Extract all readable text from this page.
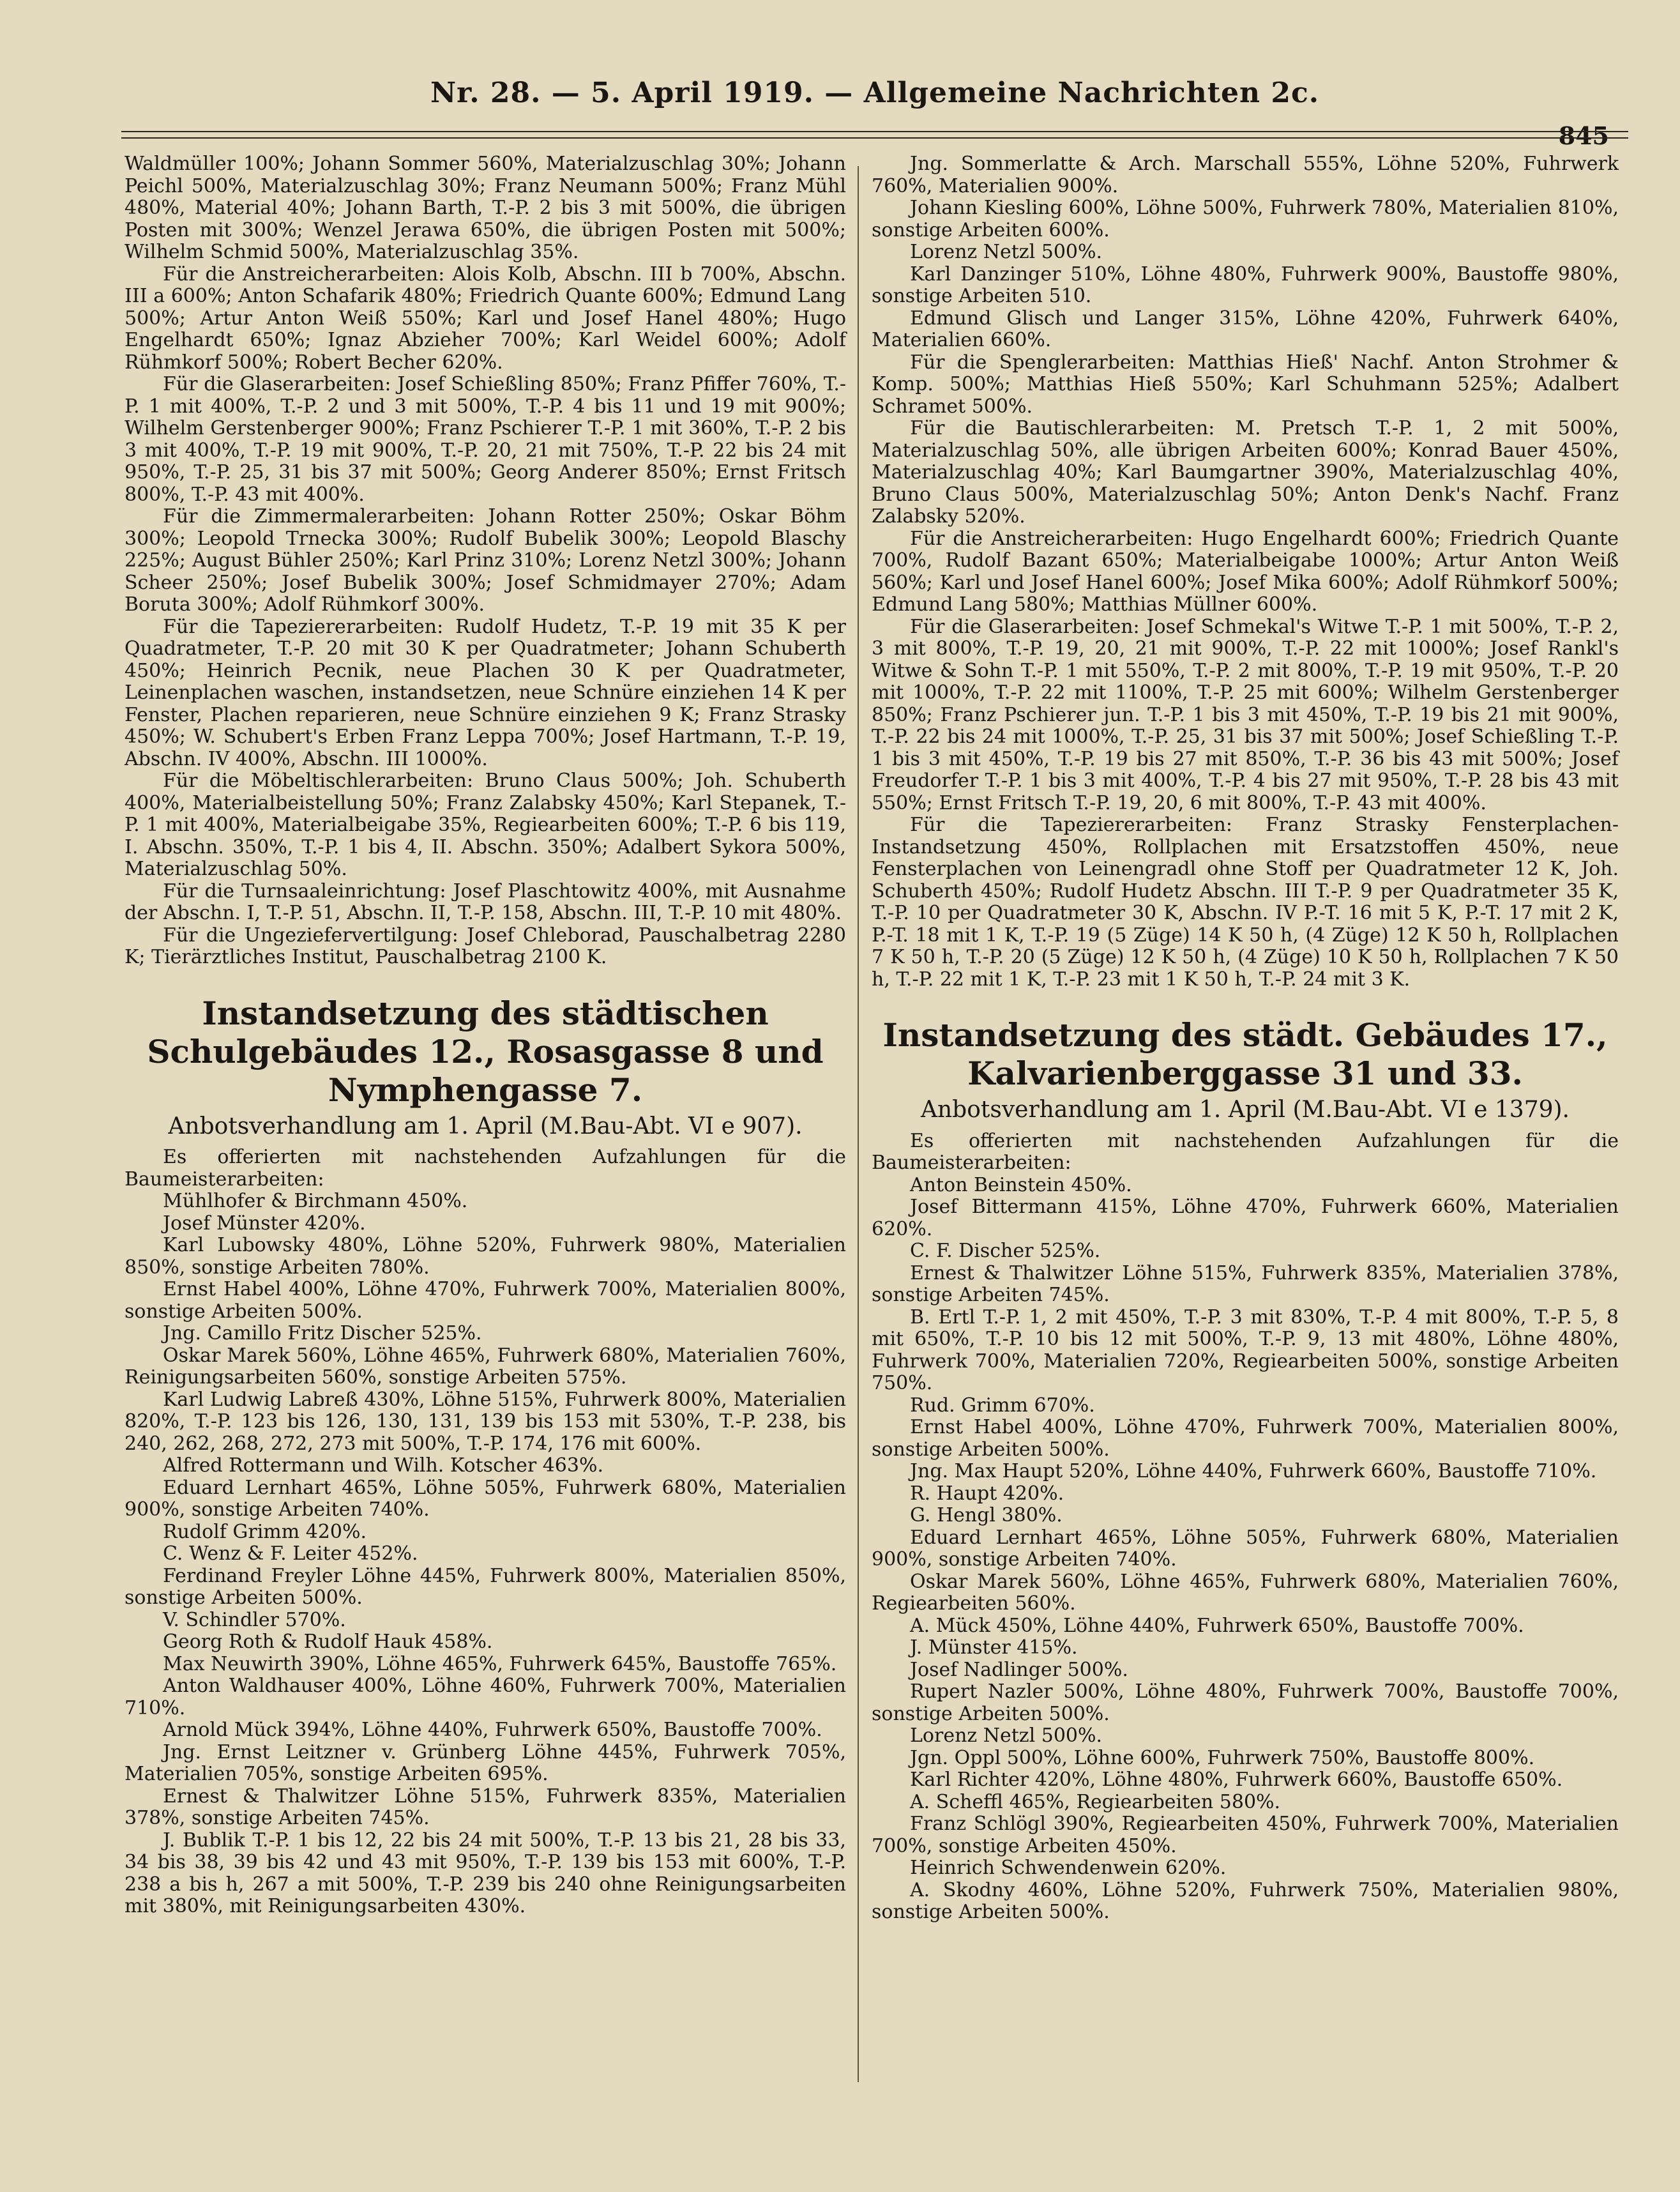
Nr. 28. — 5. April 1919. — Allgemeine Nachrichten 2c.
845

Waldmüller 100%; Johann Sommer 560%, Materialzuschlag 30%; Johann Peichl 500%, Materialzuschlag 30%; Franz Neumann 500%; Franz Mühl 480%, Material 40%; Johann Barth, T.-P. 2 bis 3 mit 500%, die übrigen Posten mit 300%; Wenzel Jerawa 650%, die übrigen Posten mit 500%; Wilhelm Schmid 500%, Materialzuschlag 35%.

Für die Anstreicherarbeiten: Alois Kolb, Abschn. III b 700%, Abschn. III a 600%; Anton Schafarik 480%; Friedrich Quante 600%; Edmund Lang 500%; Artur Anton Weiß 550%; Karl und Josef Hanel 480%; Hugo Engelhardt 650%; Ignaz Abzieher 700%; Karl Weidel 600%; Adolf Rühmkorf 500%; Robert Becher 620%.

Für die Glaserarbeiten: Josef Schießling 850%; Franz Pfiffer 760%, T.-P. 1 mit 400%, T.-P. 2 und 3 mit 500%, T.-P. 4 bis 11 und 19 mit 900%; Wilhelm Gerstenberger 900%; Franz Pschierer T.-P. 1 mit 360%, T.-P. 2 bis 3 mit 400%, T.-P. 19 mit 900%, T.-P. 20, 21 mit 750%, T.-P. 22 bis 24 mit 950%, T.-P. 25, 31 bis 37 mit 500%; Georg Anderer 850%; Ernst Fritsch 800%, T.-P. 43 mit 400%.

Für die Zimmermalerarbeiten: Johann Rotter 250%; Oskar Böhm 300%; Leopold Trnecka 300%; Rudolf Bubelik 300%; Leopold Blaschy 225%; August Bühler 250%; Karl Prinz 310%; Lorenz Netzl 300%; Johann Scheer 250%; Josef Bubelik 300%; Josef Schmidmayer 270%; Adam Boruta 300%; Adolf Rühmkorf 300%.

Für die Tapeziererarbeiten: Rudolf Hudetz, T.-P. 19 mit 35 K per Quadratmeter, T.-P. 20 mit 30 K per Quadratmeter; Johann Schuberth 450%; Heinrich Pecnik, neue Plachen 30 K per Quadratmeter, Leinenplachen waschen, instandsetzen, neue Schnüre einziehen 14 K per Fenster, Plachen reparieren, neue Schnüre einziehen 9 K; Franz Strasky 450%; W. Schubert's Erben Franz Leppa 700%; Josef Hartmann, T.-P. 19, Abschn. IV 400%, Abschn. III 1000%.

Für die Möbeltischlerarbeiten: Bruno Claus 500%; Joh. Schuberth 400%, Materialbeistellung 50%; Franz Zalabsky 450%; Karl Stepanek, T.-P. 1 mit 400%, Materialbeigabe 35%, Regiearbeiten 600%; T.-P. 6 bis 119, I. Abschn. 350%, T.-P. 1 bis 4, II. Abschn. 350%; Adalbert Sykora 500%, Materialzuschlag 50%.

Für die Turnsaaleinrichtung: Josef Plaschtowitz 400%, mit Ausnahme der Abschn. I, T.-P. 51, Abschn. II, T.-P. 158, Abschn. III, T.-P. 10 mit 480%.

Für die Ungeziefervertilgung: Josef Chleborad, Pauschalbetrag 2280 K; Tierärztliches Institut, Pauschalbetrag 2100 K.

Instandsetzung des städtischen Schulgebäudes 12., Rosasgasse 8 und Nymphengasse 7.
Anbotsverhandlung am 1. April (M.Bau-Abt. VI e 907).

Es offerierten mit nachstehenden Aufzahlungen für die Baumeisterarbeiten:

Mühlhofer & Birchmann 450%.

Josef Münster 420%.

Karl Lubowsky 480%, Löhne 520%, Fuhrwerk 980%, Materialien 850%, sonstige Arbeiten 780%.

Ernst Habel 400%, Löhne 470%, Fuhrwerk 700%, Materialien 800%, sonstige Arbeiten 500%.

Jng. Camillo Fritz Discher 525%.

Oskar Marek 560%, Löhne 465%, Fuhrwerk 680%, Materialien 760%, Reinigungsarbeiten 560%, sonstige Arbeiten 575%.

Karl Ludwig Labreß 430%, Löhne 515%, Fuhrwerk 800%, Materialien 820%, T.-P. 123 bis 126, 130, 131, 139 bis 153 mit 530%, T.-P. 238, bis 240, 262, 268, 272, 273 mit 500%, T.-P. 174, 176 mit 600%.

Alfred Rottermann und Wilh. Kotscher 463%.

Eduard Lernhart 465%, Löhne 505%, Fuhrwerk 680%, Materialien 900%, sonstige Arbeiten 740%.

Rudolf Grimm 420%.

C. Wenz & F. Leiter 452%.

Ferdinand Freyler Löhne 445%, Fuhrwerk 800%, Materialien 850%, sonstige Arbeiten 500%.

V. Schindler 570%.

Georg Roth & Rudolf Hauk 458%.

Max Neuwirth 390%, Löhne 465%, Fuhrwerk 645%, Baustoffe 765%.

Anton Waldhauser 400%, Löhne 460%, Fuhrwerk 700%, Materialien 710%.

Arnold Mück 394%, Löhne 440%, Fuhrwerk 650%, Baustoffe 700%.

Jng. Ernst Leitzner v. Grünberg Löhne 445%, Fuhrwerk 705%, Materialien 705%, sonstige Arbeiten 695%.

Ernest & Thalwitzer Löhne 515%, Fuhrwerk 835%, Materialien 378%, sonstige Arbeiten 745%.

J. Bublik T.-P. 1 bis 12, 22 bis 24 mit 500%, T.-P. 13 bis 21, 28 bis 33, 34 bis 38, 39 bis 42 und 43 mit 950%, T.-P. 139 bis 153 mit 600%, T.-P. 238 a bis h, 267 a mit 500%, T.-P. 239 bis 240 ohne Reinigungsarbeiten mit 380%, mit Reinigungsarbeiten 430%.

Jng. Sommerlatte & Arch. Marschall 555%, Löhne 520%, Fuhrwerk 760%, Materialien 900%.

Johann Kiesling 600%, Löhne 500%, Fuhrwerk 780%, Materialien 810%, sonstige Arbeiten 600%.

Lorenz Netzl 500%.

Karl Danzinger 510%, Löhne 480%, Fuhrwerk 900%, Baustoffe 980%, sonstige Arbeiten 510.

Edmund Glisch und Langer 315%, Löhne 420%, Fuhrwerk 640%, Materialien 660%.

Für die Spenglerarbeiten: Matthias Hieß' Nachf. Anton Strohmer & Komp. 500%; Matthias Hieß 550%; Karl Schuhmann 525%; Adalbert Schramet 500%.

Für die Bautischlerarbeiten: M. Pretsch T.-P. 1, 2 mit 500%, Materialzuschlag 50%, alle übrigen Arbeiten 600%; Konrad Bauer 450%, Materialzuschlag 40%; Karl Baumgartner 390%, Materialzuschlag 40%, Bruno Claus 500%, Materialzuschlag 50%; Anton Denk's Nachf. Franz Zalabsky 520%.

Für die Anstreicherarbeiten: Hugo Engelhardt 600%; Friedrich Quante 700%, Rudolf Bazant 650%; Materialbeigabe 1000%; Artur Anton Weiß 560%; Karl und Josef Hanel 600%; Josef Mika 600%; Adolf Rühmkorf 500%; Edmund Lang 580%; Matthias Müllner 600%.

Für die Glaserarbeiten: Josef Schmekal's Witwe T.-P. 1 mit 500%, T.-P. 2, 3 mit 800%, T.-P. 19, 20, 21 mit 900%, T.-P. 22 mit 1000%; Josef Rankl's Witwe & Sohn T.-P. 1 mit 550%, T.-P. 2 mit 800%, T.-P. 19 mit 950%, T.-P. 20 mit 1000%, T.-P. 22 mit 1100%, T.-P. 25 mit 600%; Wilhelm Gerstenberger 850%; Franz Pschierer jun. T.-P. 1 bis 3 mit 450%, T.-P. 19 bis 21 mit 900%, T.-P. 22 bis 24 mit 1000%, T.-P. 25, 31 bis 37 mit 500%; Josef Schießling T.-P. 1 bis 3 mit 450%, T.-P. 19 bis 27 mit 850%, T.-P. 36 bis 43 mit 500%; Josef Freudorfer T.-P. 1 bis 3 mit 400%, T.-P. 4 bis 27 mit 950%, T.-P. 28 bis 43 mit 550%; Ernst Fritsch T.-P. 19, 20, 6 mit 800%, T.-P. 43 mit 400%.

Für die Tapeziererarbeiten: Franz Strasky Fensterplachen-Instandsetzung 450%, Rollplachen mit Ersatzstoffen 450%, neue Fensterplachen von Leinengradl ohne Stoff per Quadratmeter 12 K, Joh. Schuberth 450%; Rudolf Hudetz Abschn. III T.-P. 9 per Quadratmeter 35 K, T.-P. 10 per Quadratmeter 30 K, Abschn. IV P.-T. 16 mit 5 K, P.-T. 17 mit 2 K, P.-T. 18 mit 1 K, T.-P. 19 (5 Züge) 14 K 50 h, (4 Züge) 12 K 50 h, Rollplachen 7 K 50 h, T.-P. 20 (5 Züge) 12 K 50 h, (4 Züge) 10 K 50 h, Rollplachen 7 K 50 h, T.-P. 22 mit 1 K, T.-P. 23 mit 1 K 50 h, T.-P. 24 mit 3 K.

Instandsetzung des städt. Gebäudes 17., Kalvarienberggasse 31 und 33.
Anbotsverhandlung am 1. April (M.Bau-Abt. VI e 1379).

Es offerierten mit nachstehenden Aufzahlungen für die Baumeisterarbeiten:

Anton Beinstein 450%.

Josef Bittermann 415%, Löhne 470%, Fuhrwerk 660%, Materialien 620%.

C. F. Discher 525%.

Ernest & Thalwitzer Löhne 515%, Fuhrwerk 835%, Materialien 378%, sonstige Arbeiten 745%.

B. Ertl T.-P. 1, 2 mit 450%, T.-P. 3 mit 830%, T.-P. 4 mit 800%, T.-P. 5, 8 mit 650%, T.-P. 10 bis 12 mit 500%, T.-P. 9, 13 mit 480%, Löhne 480%, Fuhrwerk 700%, Materialien 720%, Regiearbeiten 500%, sonstige Arbeiten 750%.

Rud. Grimm 670%.

Ernst Habel 400%, Löhne 470%, Fuhrwerk 700%, Materialien 800%, sonstige Arbeiten 500%.

Jng. Max Haupt 520%, Löhne 440%, Fuhrwerk 660%, Baustoffe 710%.

R. Haupt 420%.

G. Hengl 380%.

Eduard Lernhart 465%, Löhne 505%, Fuhrwerk 680%, Materialien 900%, sonstige Arbeiten 740%.

Oskar Marek 560%, Löhne 465%, Fuhrwerk 680%, Materialien 760%, Regiearbeiten 560%.

A. Mück 450%, Löhne 440%, Fuhrwerk 650%, Baustoffe 700%.

J. Münster 415%.

Josef Nadlinger 500%.

Rupert Nazler 500%, Löhne 480%, Fuhrwerk 700%, Baustoffe 700%, sonstige Arbeiten 500%.

Lorenz Netzl 500%.

Jgn. Oppl 500%, Löhne 600%, Fuhrwerk 750%, Baustoffe 800%.

Karl Richter 420%, Löhne 480%, Fuhrwerk 660%, Baustoffe 650%.

A. Scheffl 465%, Regiearbeiten 580%.

Franz Schlögl 390%, Regiearbeiten 450%, Fuhrwerk 700%, Materialien 700%, sonstige Arbeiten 450%.

Heinrich Schwendenwein 620%.

A. Skodny 460%, Löhne 520%, Fuhrwerk 750%, Materialien 980%, sonstige Arbeiten 500%.
